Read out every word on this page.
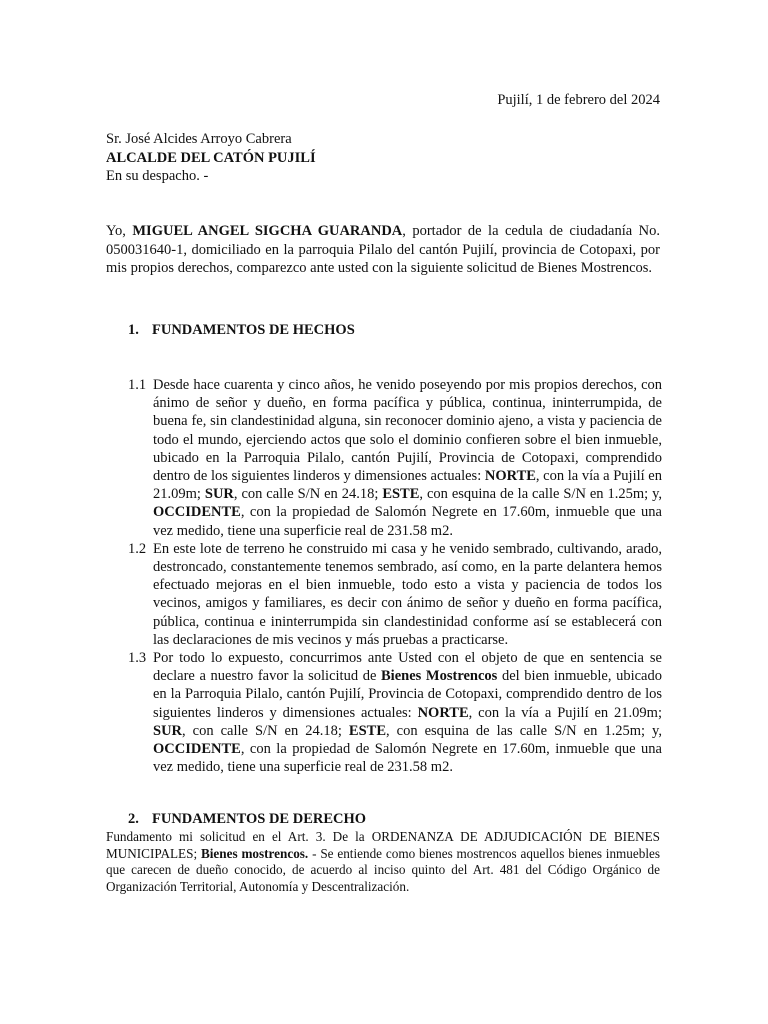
Pujilí, 1 de febrero del 2024
Sr. José Alcides Arroyo Cabrera
ALCALDE DEL CATÓN PUJILÍ
En su despacho. -
Yo, MIGUEL ANGEL SIGCHA GUARANDA, portador de la cedula de ciudadanía No. 050031640-1, domiciliado en la parroquia Pilalo del cantón Pujilí, provincia de Cotopaxi, por mis propios derechos, comparezco ante usted con la siguiente solicitud de Bienes Mostrencos.
1. FUNDAMENTOS DE HECHOS
1.1 Desde hace cuarenta y cinco años, he venido poseyendo por mis propios derechos, con ánimo de señor y dueño, en forma pacífica y pública, continua, ininterrumpida, de buena fe, sin clandestinidad alguna, sin reconocer dominio ajeno, a vista y paciencia de todo el mundo, ejerciendo actos que solo el dominio confieren sobre el bien inmueble, ubicado en la Parroquia Pilalo, cantón Pujilí, Provincia de Cotopaxi, comprendido dentro de los siguientes linderos y dimensiones actuales: NORTE, con la vía a Pujilí en 21.09m; SUR, con calle S/N en 24.18; ESTE, con esquina de la calle S/N en 1.25m; y, OCCIDENTE, con la propiedad de Salomón Negrete en 17.60m, inmueble que una vez medido, tiene una superficie real de 231.58 m2.
1.2 En este lote de terreno he construido mi casa y he venido sembrado, cultivando, arado, destroncado, constantemente tenemos sembrado, así como, en la parte delantera hemos efectuado mejoras en el bien inmueble, todo esto a vista y paciencia de todos los vecinos, amigos y familiares, es decir con ánimo de señor y dueño en forma pacífica, pública, continua e ininterrumpida sin clandestinidad conforme así se establecerá con las declaraciones de mis vecinos y más pruebas a practicarse.
1.3 Por todo lo expuesto, concurrimos ante Usted con el objeto de que en sentencia se declare a nuestro favor la solicitud de Bienes Mostrencos del bien inmueble, ubicado en la Parroquia Pilalo, cantón Pujilí, Provincia de Cotopaxi, comprendido dentro de los siguientes linderos y dimensiones actuales: NORTE, con la vía a Pujilí en 21.09m; SUR, con calle S/N en 24.18; ESTE, con esquina de las calle S/N en 1.25m; y, OCCIDENTE, con la propiedad de Salomón Negrete en 17.60m, inmueble que una vez medido, tiene una superficie real de 231.58 m2.
2. FUNDAMENTOS DE DERECHO
Fundamento mi solicitud en el Art. 3. De la ORDENANZA DE ADJUDICACIÓN DE BIENES MUNICIPALES; Bienes mostrencos. - Se entiende como bienes mostrencos aquellos bienes inmuebles que carecen de dueño conocido, de acuerdo al inciso quinto del Art. 481 del Código Orgánico de Organización Territorial, Autonomía y Descentralización.
